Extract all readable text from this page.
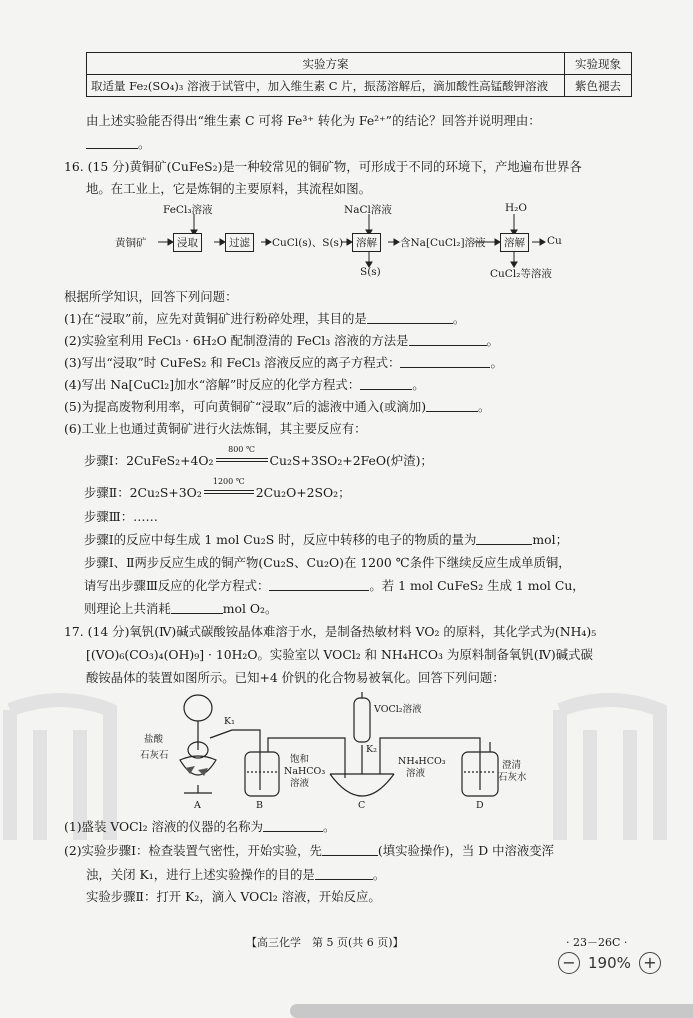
实验方案	实验现象
取适量 Fe₂(SO₄)₃ 溶液于试管中，加入维生素 C 片，振荡溶解后，滴加酸性高锰酸钾溶液	紫色褪去
由上述实验能否得出“维生素 C 可将 Fe³⁺ 转化为 Fe²⁺”的结论？回答并说明理由：
。
16. (15 分)黄铜矿(CuFeS₂)是一种较常见的铜矿物，可形成于不同的环境下，产地遍布世界各
地。在工业上，它是炼铜的主要原料，其流程如图。
FeCl₃溶液	NaCl溶液	H₂O
黄铜矿	浸取	过滤	CuCl(s)、S(s)	溶解	含Na[CuCl₂]溶液	溶解	Cu
S(s)	CuCl₂等溶液
根据所学知识，回答下列问题：
(1)在“浸取”前，应先对黄铜矿进行粉碎处理，其目的是	。
(2)实验室利用 FeCl₃ · 6H₂O 配制澄清的 FeCl₃ 溶液的方法是	。
(3)写出“浸取”时 CuFeS₂ 和 FeCl₃ 溶液反应的离子方程式：	。
(4)写出 Na[CuCl₂]加水“溶解”时反应的化学方程式：	。
(5)为提高废物利用率，可向黄铜矿“浸取”后的滤液中通入(或滴加)	。
(6)工业上也通过黄铜矿进行火法炼铜，其主要反应有：
步骤Ⅰ：2CuFeS₂+4O₂
800 ℃
Cu₂S+3SO₂+2FeO(炉渣)；
步骤Ⅱ：2Cu₂S+3O₂
1200 ℃
2Cu₂O+2SO₂；
步骤Ⅲ：……
步骤Ⅰ的反应中每生成 1 mol Cu₂S 时，反应中转移的电子的物质的量为	mol；
步骤Ⅰ、Ⅱ两步反应生成的铜产物(Cu₂S、Cu₂O)在 1200 ℃条件下继续反应生成单质铜，
请写出步骤Ⅲ反应的化学方程式：	。若 1 mol CuFeS₂ 生成 1 mol Cu，
则理论上共消耗	mol O₂。
17. (14 分)氧钒(Ⅳ)碱式碳酸铵晶体难溶于水，是制备热敏材料 VO₂ 的原料，其化学式为(NH₄)₅
[(VO)₆(CO₃)₄(OH)₉] · 10H₂O。实验室以 VOCl₂ 和 NH₄HCO₃ 为原料制备氧钒(Ⅳ)碱式碳
酸铵晶体的装置如图所示。已知+4 价钒的化合物易被氧化。回答下列问题：
盐酸
石灰石
K₁
VOCl₂溶液
K₂
饱和
NaHCO₃
溶液
NH₄HCO₃
溶液
澄清
石灰水
A	B	C	D
(1)盛装 VOCl₂ 溶液的仪器的名称为	。
(2)实验步骤Ⅰ：检查装置气密性，开始实验，先	(填实验操作)，当 D 中溶液变浑
浊，关闭 K₁，进行上述实验操作的目的是	。
实验步骤Ⅱ：打开 K₂，滴入 VOCl₂ 溶液，开始反应。
【高三化学　第 5 页(共 6 页)】	· 23－26C ·
− 190% +
